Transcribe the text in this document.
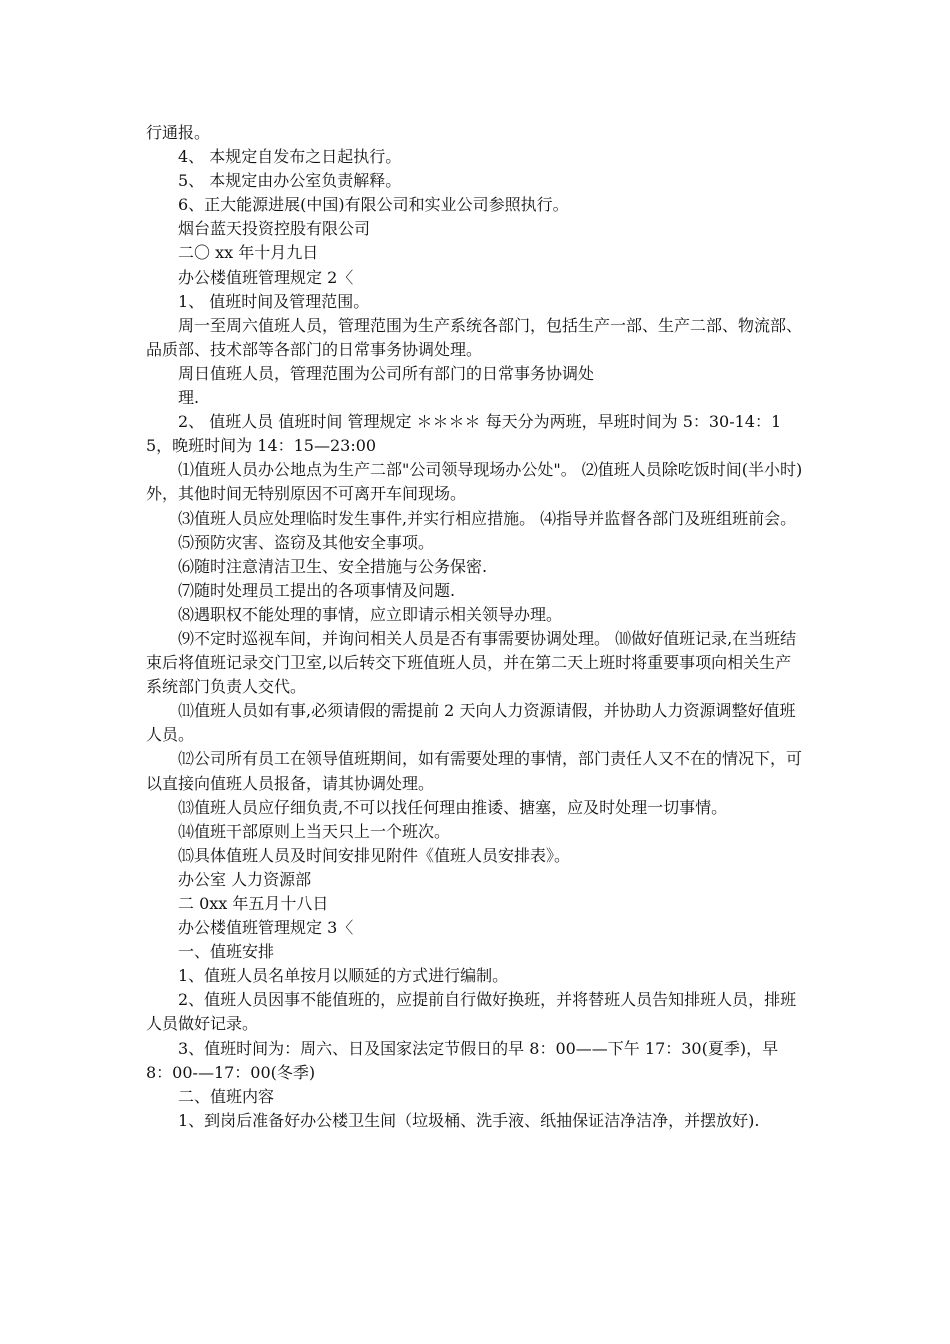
行通报。

4、 本规定自发布之日起执行。

5、 本规定由办公室负责解释。

6、正大能源进展(中国)有限公司和实业公司参照执行。

烟台蓝天投资控股有限公司

二〇 xx 年十月九日

办公楼值班管理规定 2〈

1、 值班时间及管理范围。

周一至周六值班人员，管理范围为生产系统各部门，包括生产一部、生产二部、物流部、品质部、技术部等各部门的日常事务协调处理。

周日值班人员，管理范围为公司所有部门的日常事务协调处

理.

2、 值班人员 值班时间 管理规定 ＊＊＊＊ 每天分为两班，早班时间为 5：30-14：15，晚班时间为 14：15—23:00

⑴值班人员办公地点为生产二部"公司领导现场办公处"。 ⑵值班人员除吃饭时间(半小时)外，其他时间无特别原因不可离开车间现场。

⑶值班人员应处理临时发生事件,并实行相应措施。 ⑷指导并监督各部门及班组班前会。

⑸预防灾害、盗窃及其他安全事项。

⑹随时注意清洁卫生、安全措施与公务保密.

⑺随时处理员工提出的各项事情及问题.

⑻遇职权不能处理的事情，应立即请示相关领导办理。

⑼不定时巡视车间，并询问相关人员是否有事需要协调处理。 ⑽做好值班记录,在当班结束后将值班记录交门卫室,以后转交下班值班人员，并在第二天上班时将重要事项向相关生产系统部门负责人交代。

⑾值班人员如有事,必须请假的需提前 2 天向人力资源请假，并协助人力资源调整好值班人员。

⑿公司所有员工在领导值班期间，如有需要处理的事情，部门责任人又不在的情况下，可以直接向值班人员报备，请其协调处理。

⒀值班人员应仔细负责,不可以找任何理由推诿、搪塞，应及时处理一切事情。

⒁值班干部原则上当天只上一个班次。

⒂具体值班人员及时间安排见附件《值班人员安排表》。

办公室 人力资源部

二 0xx 年五月十八日

办公楼值班管理规定 3〈

一、值班安排

1、值班人员名单按月以顺延的方式进行编制。

2、值班人员因事不能值班的，应提前自行做好换班，并将替班人员告知排班人员，排班人员做好记录。

3、值班时间为：周六、日及国家法定节假日的早 8：00——下午 17：30(夏季)，早 8：00-—17：00(冬季)

二、值班内容

1、到岗后准备好办公楼卫生间（垃圾桶、洗手液、纸抽保证洁净洁净，并摆放好).
